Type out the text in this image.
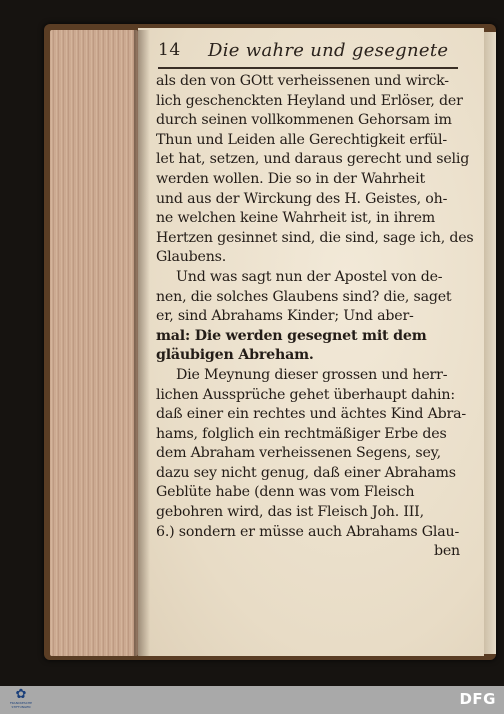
14 Die wahre und gesegnete
als den von GOtt verheissenen und wirck-
lich geschenckten Heyland und Erlöser, der
durch seinen vollkommenen Gehorsam im
Thun und Leiden alle Gerechtigkeit erfül-
let hat, setzen, und daraus gerecht und selig
werden wollen. Die so in der Wahrheit
und aus der Wirckung des H. Geistes, oh-
ne welchen keine Wahrheit ist, in ihrem
Hertzen gesinnet sind, die sind, sage ich, des
Glaubens.
Und was sagt nun der Apostel von de-
nen, die solches Glaubens sind? die, saget
er, sind Abrahams Kinder; Und aber-
mal: Die werden gesegnet mit dem
gläubigen Abreham.
Die Meynung dieser grossen und herr-
lichen Aussprüche gehet überhaupt dahin:
daß einer ein rechtes und ächtes Kind Abra-
hams, folglich ein rechtmäßiger Erbe des
dem Abraham verheissenen Segens, sey,
dazu sey nicht genug, daß einer Abrahams
Geblüte habe (denn was vom Fleisch
gebohren wird, das ist Fleisch Joh. III,
6.) sondern er müsse auch Abrahams Glau-
ben
✿
FRANCKESCHE STIFTUNGEN	DFG
